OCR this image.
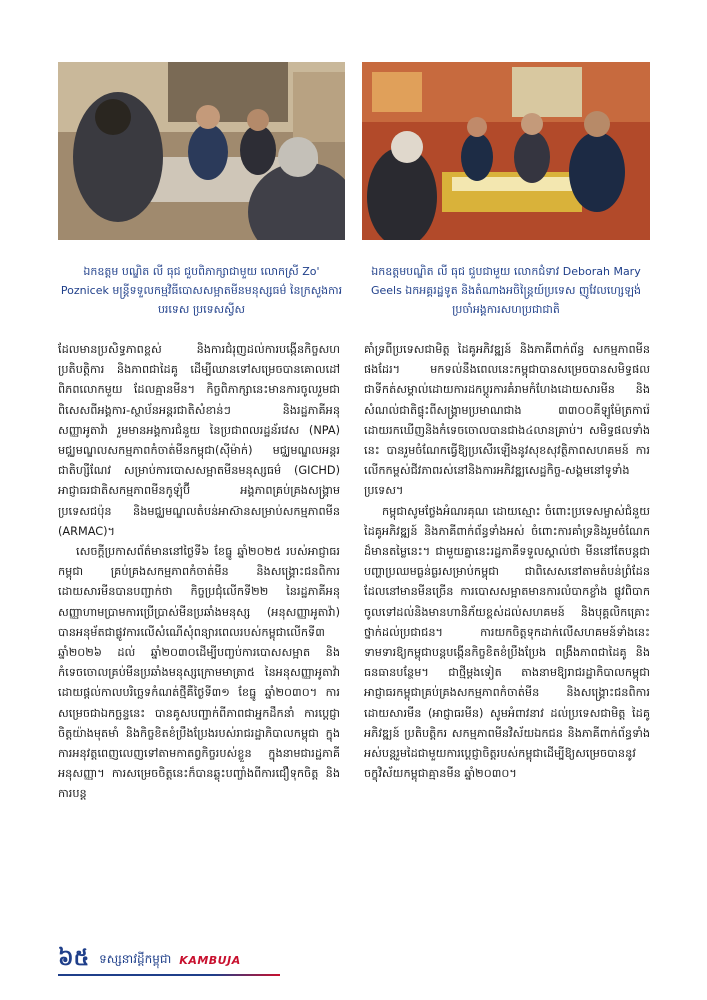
ឯកឧត្តម បណ្ឌិត លី ធុជ ជួបពិភាក្សាជាមួយ លោកស្រី Zo' Poznicek មន្ត្រីទទួលកម្មវិធីបោសសម្អាតមីនមនុស្សធម៌ នៃក្រសួងការបរទេស ប្រទេសស្វីស
ឯកឧត្តមបណ្ឌិត លី ធុជ ជួបជាមួយ លោកជំទាវ Deborah Mary Geels ឯកអគ្គរដ្ឋទូត និងតំណាងអចិន្ត្រៃយ៍ប្រទេស ញូវែលហ្សេឡង់ ប្រចាំអង្គការសហប្រជាជាតិ

ដែលមានប្រសិទ្ធភាពខ្ពស់ និងការជំរុញដល់ការបង្កើនកិច្ចសហប្រតិបត្តិការ និងភាពជាដៃគូ ដើម្បីឈានទៅសម្រេចបានគោលដៅពិភពលោកមួយ ដែលគ្មានមីន។ កិច្ចពិភាក្សានេះមានការចូលរួមជាពិសេសពីអង្គការ-ស្ថាប័នអន្តរជាតិសំខាន់ៗ និងរដ្ឋភាគីអនុសញ្ញាអូតាវ៉ា រួមមានអង្គការជំនួយ នៃប្រជាពលរដ្ឋន័រវេស (NPA) មជ្ឈមណ្ឌលសកម្មភាពកំចាត់មីនកម្ពុជា(ស៊ីម៉ាក់) មជ្ឈមណ្ឌលអន្តរជាតិហ្សឺណែវ សម្រាប់ការបោសសម្អាតមីនមនុស្សធម៌ (GICHD) អាជ្ញាធរជាតិសកម្មភាពមីនកូឡុំប៊ី អង្គភាពគ្រប់គ្រងសង្គ្រាមប្រទេសជប៉ុន និងមជ្ឈមណ្ឌលតំបន់អាស៊ានសម្រាប់សកម្មភាពមីន (ARMAC)។

សេចក្តីប្រកាសព័ត៌មាននៅថ្ងៃទី៦ ខែធ្នូ ឆ្នាំ២០២៥ របស់អាជ្ញាធរកម្ពុជា គ្រប់គ្រងសកម្មភាពកំចាត់មីន និងសង្គ្រោះជនពិការដោយសារមីនបានបញ្ជាក់ថា កិច្ចប្រជុំលើកទី២២ នៃរដ្ឋភាគីអនុសញ្ញាហាមប្រាមការប្រើប្រាស់មីនប្រឆាំងមនុស្ស (អនុសញ្ញាអូតាវ៉ា) បានអនុម័តជាផ្លូវការលើសំណើសុំពន្យារពេលរបស់កម្ពុជាលើកទី៣ ឆ្នាំ២០២៦ ដល់ ឆ្នាំ២០៣០ដើម្បីបញ្ចប់ការបោសសម្អាត និងកំទេចចោលគ្រប់មីនប្រឆាំងមនុស្សក្រោមមាត្រា៥ នៃអនុសញ្ញាអូតាវ៉ា ដោយផ្តល់កាលបរិច្ឆេទកំណត់ថ្មីគឺថ្ងៃទី៣១ ខែធ្នូ ឆ្នាំ២០៣០។ ការសម្រេចជាឯកច្ឆន្ទនេះ បានគូសបញ្ជាក់ពីភាពជាអ្នកដឹកនាំ ការប្តេជ្ញាចិត្តយ៉ាងមុតមាំ និងកិច្ចខិតខំប្រឹងប្រែងរបស់រាជរដ្ឋាភិបាលកម្ពុជា ក្នុងការអនុវត្តពេញលេញទៅតាមកាតព្វកិច្ចរបស់ខ្លួន ក្នុងនាមជារដ្ឋភាគីអនុសញ្ញា។ ការសម្រេចចិត្តនេះក៏បានឆ្លុះបញ្ចាំងពីការជឿទុកចិត្ត និងការបន្ត

គាំទ្រពីប្រទេសជាមិត្ត ដៃគូអភិវឌ្ឍន៍ និងភាគីពាក់ព័ន្ធ សកម្មភាពមីនផងដែរ។ មកទល់នឹងពេលនេះកម្ពុជាបានសម្រេចបានសមិទ្ធផលជាទីកត់សម្គាល់ដោយការដកប្តូរការគំរាមកំហែងដោយសារមីន និងសំណល់ជាតិផ្ទុះពីសង្គ្រាមប្រមាណជាង ៣៣០០គីឡូម៉ែត្រការ៉េដោយរកឃើញនិងកំទេចចោលបានជាង៤លានគ្រាប់។ សមិទ្ធផលទាំងនេះ បានរួមចំណែកធ្វើឱ្យប្រសើរឡើងនូវសុខសុវត្ថិភាពសហគមន៍ ការលើកកម្ពស់ជីវភាពរស់នៅនិងការអភិវឌ្ឍសេដ្ឋកិច្ច-សង្គមនៅទូទាំងប្រទេស។

កម្ពុជាសូមថ្លែងអំណរគុណ ដោយស្មោះ ចំពោះប្រទេសម្ចាស់ជំនួយ ដៃគូអភិវឌ្ឍន៍ និងភាគីពាក់ព័ន្ធទាំងអស់ ចំពោះការគាំទ្រនិងរួមចំណែកដ៏មានតម្លៃនេះ។ ជាមួយគ្នានេះរដ្ឋភាគីទទួលស្គាល់ថា មីននៅតែបន្តជាបញ្ហាប្រឈមធ្ងន់ធ្ងរសម្រាប់កម្ពុជា ជាពិសេសនៅតាមតំបន់ព្រំដែន ដែលនៅមានមីនច្រើន ការបោសសម្អាតមានការលំបាកខ្លាំង ផ្លូវពិបាកចូលទៅដល់និងមានហានិភ័យខ្ពស់ដល់សហគមន៍ និងបុគ្គលិកគ្រោះថ្នាក់ដល់ប្រជាជន។ ការយកចិត្តទុកដាក់លើសហគមន៍ទាំងនេះ ទាមទារឱ្យកម្ពុជាបន្តបង្កើនកិច្ចខិតខំប្រឹងប្រែង ពង្រឹងភាពជាដៃគូ និងធនធានបន្ថែម។ ជាថ្មីម្តងទៀត តាងនាមឱ្យរាជរដ្ឋាភិបាលកម្ពុជា អាជ្ញាធរកម្ពុជាគ្រប់គ្រងសកម្មភាពកំចាត់មីន និងសង្គ្រោះជនពិការដោយសារមីន (អាជ្ញាធរមីន) សូមអំពាវនាវ ដល់ប្រទេសជាមិត្ត ដៃគូអភិវឌ្ឍន៍ ប្រតិបត្តិករ សកម្មភាពមីនវិស័យឯកជន និងភាគីពាក់ព័ន្ធទាំងអស់បន្តរួមដៃជាមួយការប្តេជ្ញាចិត្តរបស់កម្ពុជាដើម្បីឱ្យសម្រេចបាននូវចក្ខុវិស័យកម្ពុជាគ្មានមីន ឆ្នាំ២០៣០។

៦៥ ទស្សនាវដ្តីកម្ពុជា KAMBUJA
